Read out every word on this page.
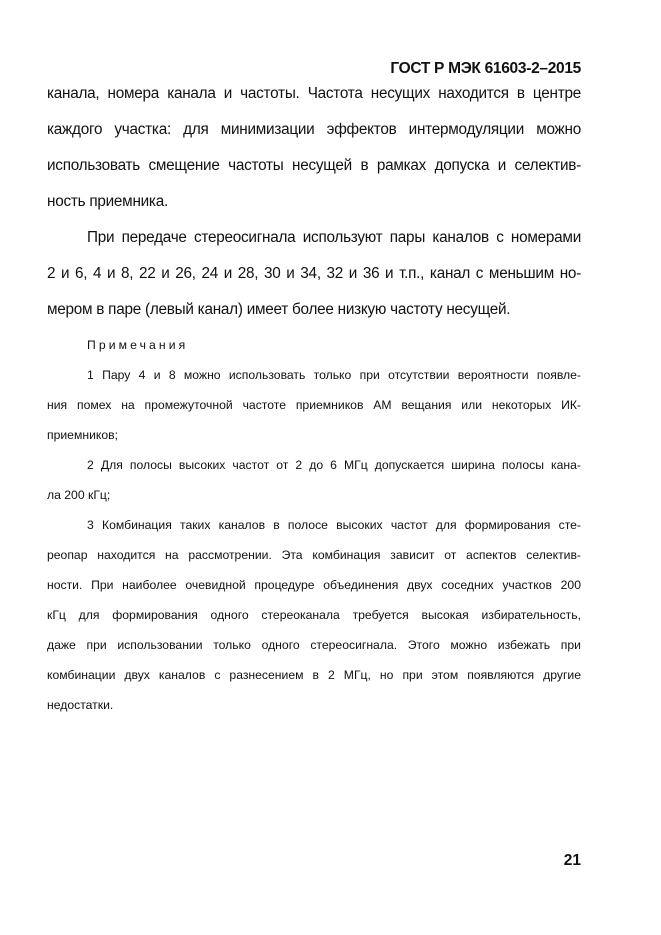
ГОСТ Р МЭК 61603-2–2015

канала, номера канала и частоты. Частота несущих находится в центре
каждого участка: для минимизации эффектов интермодуляции можно
использовать смещение частоты несущей в рамках допуска и селектив-
ность приемника.

При передаче стереосигнала используют пары каналов с номерами
2 и 6, 4 и 8, 22 и 26, 24 и 28, 30 и 34, 32 и 36 и т.п., канал с меньшим но-
мером в паре (левый канал) имеет более низкую частоту несущей.

Примечания

1 Пару 4 и 8 можно использовать только при отсутствии вероятности появле-
ния помех на промежуточной частоте приемников АМ вещания или некоторых ИК-
приемников;

2 Для полосы высоких частот от 2 до 6 МГц допускается ширина полосы кана-
ла 200 кГц;

3 Комбинация таких каналов в полосе высоких частот для формирования сте-
реопар находится на рассмотрении. Эта комбинация зависит от аспектов селектив-
ности. При наиболее очевидной процедуре объединения двух соседних участков 200
кГц для формирования одного стереоканала требуется высокая избирательность,
даже при использовании только одного стереосигнала. Этого можно избежать при
комбинации двух каналов с разнесением в 2 МГц, но при этом появляются другие
недостатки.

21
